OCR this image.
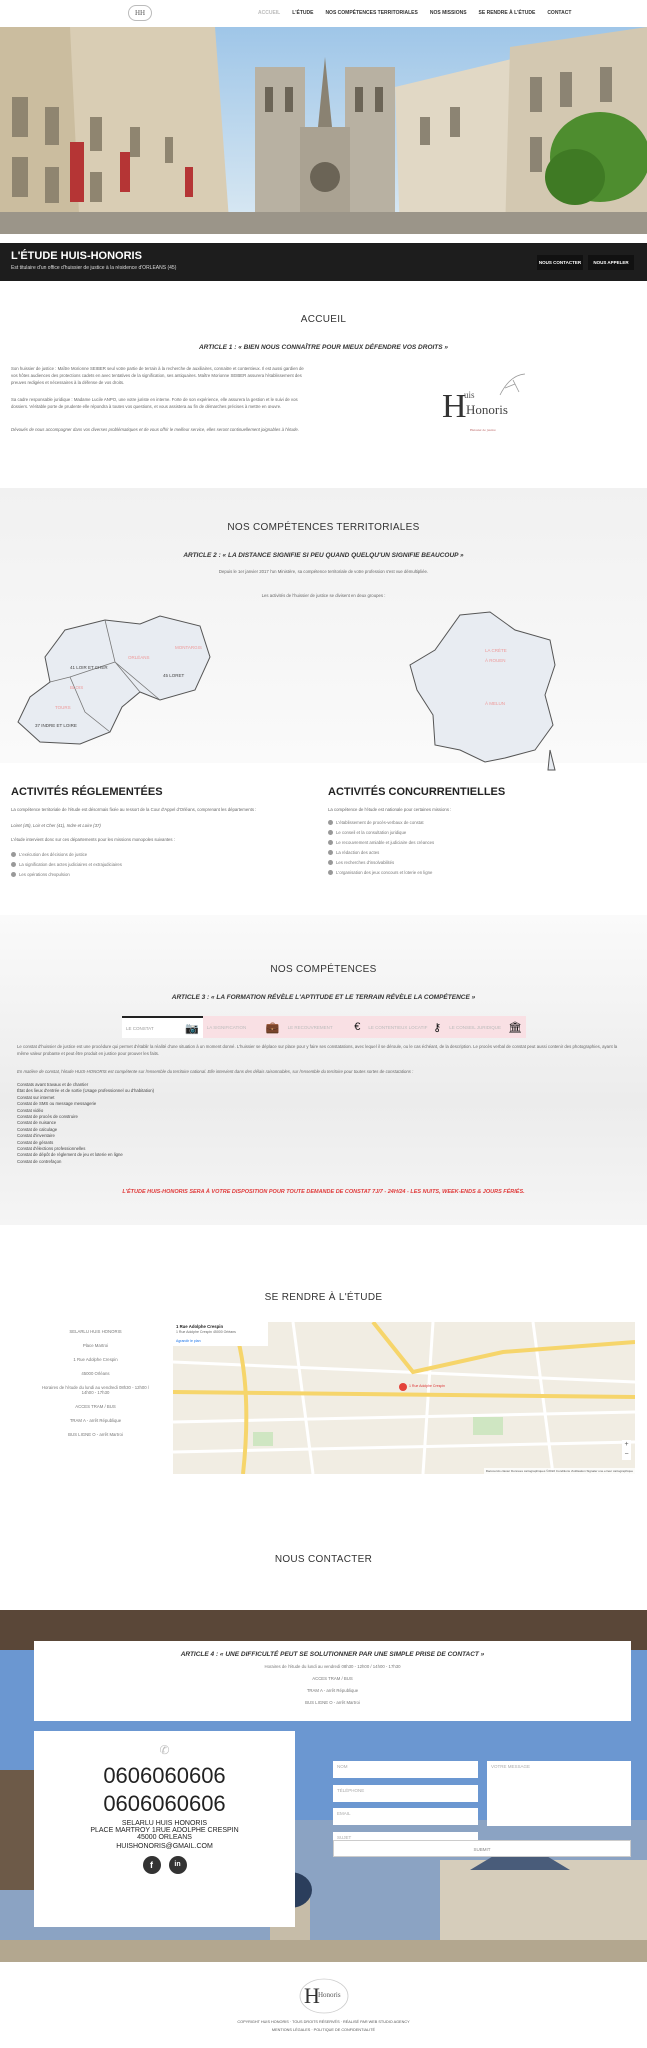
HH	ACCUEIL L'ÉTUDE NOS COMPÉTENCES TERRITORIALES NOS MISSIONS SE RENDRE À L'ÉTUDE CONTACT
L'ÉTUDE HUIS-HONORIS

Est titulaire d'un office d'huissier de justice à la résidence d'ORLEANS (45)

NOUS CONTACTER	NOUS APPELER
ACCUEIL
ARTICLE 1 : « BIEN NOUS CONNAÎTRE POUR MIEUX DÉFENDRE VOS DROITS »
Son huissier de justice : Maître Morionne SEIBER seul votre partie de terrain à la recherche de auxiliaires, connaitre et contentieux. Il est aussi gardien de vos hôtes audiences des protections cadets en avec tentatives de la signification, ses antiquaires. Maître Morionne SEIBER assurera l'établissement des preuves redigées et nécessaires à la défense de vos droits.
Sa cadre responsable juridique : Madame Lucile ANPO, une votre juriste en interne. Forte de son expérience, elle assurera la gestion et le suivi de vos dossiers. Véritable porte de prudente elle répondra à toutes vos questions, et vous assistera au fin de démarches précises à mettre en œuvre.
Dévoués de nous accompagner dans vos diverses problématiques et de vous offrir le meilleur service, elles seront continuellement joignables à l'étude.
H
uis
Honoris
Huissier de justice
NOS COMPÉTENCES TERRITORIALES
ARTICLE 2 : « LA DISTANCE SIGNIFIE SI PEU QUAND QUELQU'UN SIGNIFIE BEAUCOUP »
Depuis le 1er janvier 2017 l'un Ministère, sa compétence territoriale de votre profession s'est vue démultipliée.
Les activités de l'huissier de justice se divisent en deux groupes :
41 LOIR ET CHER
45 LORET
37 INDRE ET LOIRE
MONTARGIS
ORLÉANS
TOURS
BLOIS
LA CRÈTE
À ROUEN
À MELUN
ACTIVITÉS RÉGLEMENTÉES
La compétence territoriale de l'étude est désormais fixée au ressort de la Cour d'Appel d'Orléans, comprenant les départements :
Loiret (45), Loir et Cher (41), Indre et Loire (37)
L'étude intervient donc sur ces départements pour les missions monopoles suivantes :
L'exécution des décisions de justice
La signification des actes judiciaires et extrajudiciaires
Les opérations d'expulsion
ACTIVITÉS CONCURRENTIELLES
La compétence de l'étude est nationale pour certaines missions :
L'établissement de procès-verbaux de constat
Le conseil et la consultation juridique
Le recouvrement amiable et judiciaire des créances
La rédaction des actes
Les recherches d'insolvabilités
L'organisation des jeux concours et loterie en ligne
NOS COMPÉTENCES
ARTICLE 3 : « LA FORMATION RÉVÈLE L'APTITUDE ET LE TERRAIN RÉVÈLE LA COMPÉTENCE »
LE CONSTAT	📷 LA SIGNIFICATION 💼 LE RECOUVREMENT € LE CONTENTIEUX LOCATIF ⚷ LE CONSEIL JURIDIQUE 🏛
Le constat d'huissier de justice est une procédure qui permet d'établir la réalité d'une situation à un moment donné. L'huissier se déplace sur place pour y faire ses constatations, avec lequel il se déroule, ou le cas échéant, de la description. Le procès verbal de constat peut aussi contenir des photographies, ayant la même valeur probante et peut être produit en justice pour prouver les faits.
En matière de constat, l'étude HUIS-HONORIS est compétente sur l'ensemble du territoire national. Elle intervient dans des délais raisonnables, sur l'ensemble du territoire pour toutes sortes de constatations :
Constats avant travaux et de chantier
État des lieux d'entrée et de sortie (Usage professionnel ou d'habitation)
Constat sur internet
Constat de SMS ou message messagerie
Constat vidéo
Constat de procès de construire
Constat de nuisance
Constat de calculage
Constat d'inventaire
Constat de gérants
Constat d'élections professionnelles
Constat de dépôt de règlement de jeu et loterie en ligne
Constat de contrefaçon
L'ÉTUDE HUIS-HONORIS SERA À VOTRE DISPOSITION POUR TOUTE DEMANDE DE CONSTAT 7J/7 - 24H/24 - LES NUITS, WEEK-ENDS & JOURS FÉRIÉS.
SE RENDRE À L'ÉTUDE
SELARLU HUIS HONORIS
Place Martroi
1 Rue Adolphe Crespin
45000 Orléans
Horaires de l'étude du lundi au vendredi 08h30 - 12h00 / 14h00 - 17h30
ACCES TRAM / BUS
TRAM A - arrêt République
BUS LIGNE O - arrêt Martroi
1 Rue Adolphe Crespin
1 Rue Adolphe Crespin 45000 Orléans
Agrandir le plan
1 Rue Adolphe Crespin
Raccourcis clavier Données cartographiques ©2022 Conditions d'utilisation Signaler une erreur cartographique
+
−
NOUS CONTACTER
ARTICLE 4 : « UNE DIFFICULTÉ PEUT SE SOLUTIONNER PAR UNE SIMPLE PRISE DE CONTACT »
Horaires de l'étude du lundi au vendredi 08h30 - 12h00 / 14h00 - 17h30
ACCES TRAM / BUS
TRAM A - arrêt République
BUS LIGNE O - arrêt Martroi
✆
0606060606
0606060606
SELARLU HUIS HONORIS
PLACE MARTROY 1RUE ADOLPHE CRESPIN
45000 ORLEANS
HUISHONORIS@GMAIL.COM
f	in
NOM
TÉLÉPHONE
EMAIL
SUJET
VOTRE MESSAGE
SUBMIT
H
Honoris
COPYRIGHT HUIS HONORIS · TOUS DROITS RÉSERVÉS · RÉALISÉ PAR WEB STUDIO AGENCY
MENTIONS LÉGALES · POLITIQUE DE CONFIDENTIALITÉ
